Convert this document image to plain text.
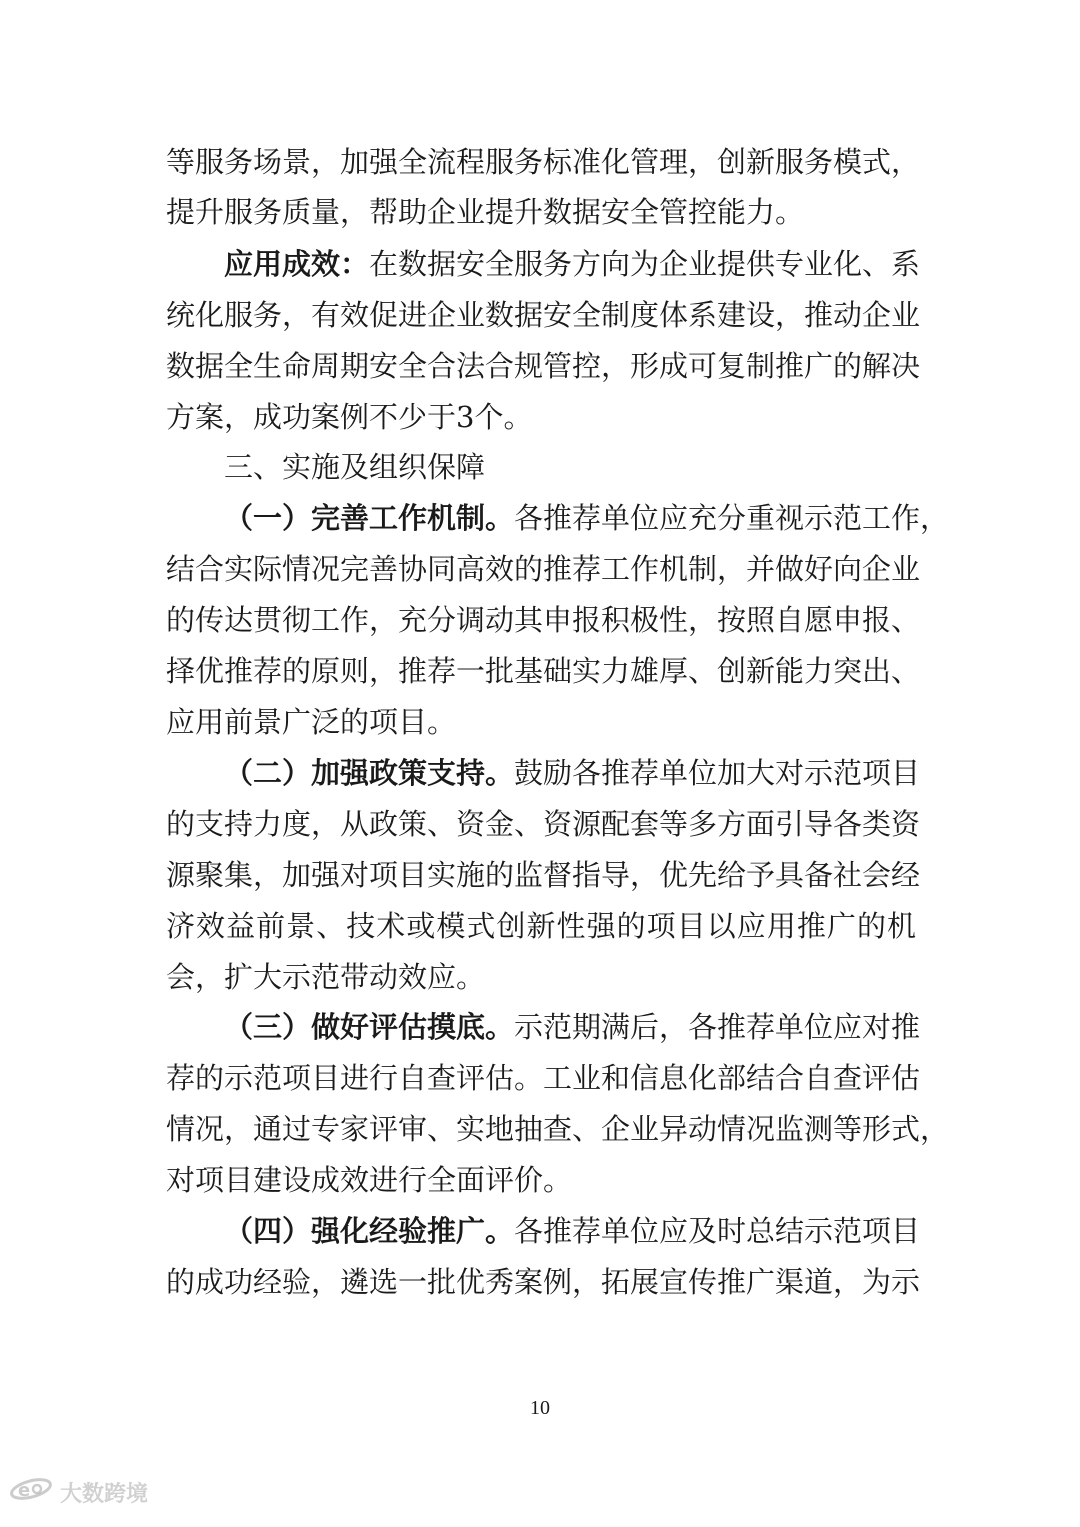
等服务场景，加强全流程服务标准化管理，创新服务模式，
提升服务质量，帮助企业提升数据安全管控能力。
应用成效：在数据安全服务方向为企业提供专业化、系
统化服务，有效促进企业数据安全制度体系建设，推动企业
数据全生命周期安全合法合规管控，形成可复制推广的解决
方案，成功案例不少于3个。
三、实施及组织保障
（一）完善工作机制。各推荐单位应充分重视示范工作，
结合实际情况完善协同高效的推荐工作机制，并做好向企业
的传达贯彻工作，充分调动其申报积极性，按照自愿申报、
择优推荐的原则，推荐一批基础实力雄厚、创新能力突出、
应用前景广泛的项目。
（二）加强政策支持。鼓励各推荐单位加大对示范项目
的支持力度，从政策、资金、资源配套等多方面引导各类资
源聚集，加强对项目实施的监督指导，优先给予具备社会经
济效益前景、技术或模式创新性强的项目以应用推广的机
会，扩大示范带动效应。
（三）做好评估摸底。示范期满后，各推荐单位应对推
荐的示范项目进行自查评估。工业和信息化部结合自查评估
情况，通过专家评审、实地抽查、企业异动情况监测等形式，
对项目建设成效进行全面评价。
（四）强化经验推广。各推荐单位应及时总结示范项目
的成功经验，遴选一批优秀案例，拓展宣传推广渠道，为示
10
e 大数跨境
